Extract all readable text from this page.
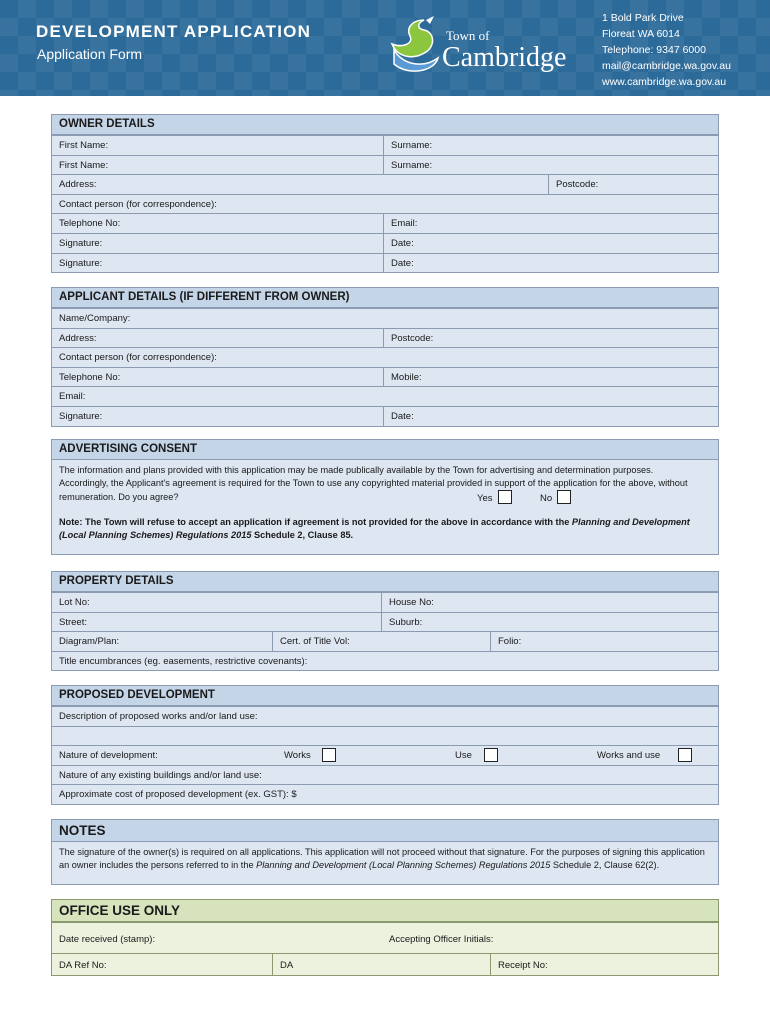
DEVELOPMENT APPLICATION
Application Form
Town of
Cambridge
1 Bold Park Drive
Floreat WA 6014
Telephone: 9347 6000
mail@cambridge.wa.gov.au
www.cambridge.wa.gov.au
OWNER DETAILS
First Name:	Surname:
First Name:	Surname:
Address:	Postcode:
Contact person (for correspondence):
Telephone No:	Email:
Signature:	Date:
Signature:	Date:
APPLICANT DETAILS (IF DIFFERENT FROM OWNER)
Name/Company:
Address:	Postcode:
Contact person (for correspondence):
Telephone No:	Mobile:
Email:
Signature:	Date:
ADVERTISING CONSENT
The information and plans provided with this application may be made publically available by the Town for advertising and determination purposes. Accordingly, the Applicant's agreement is required for the Town to use any copyrighted material provided in support of the application for the above, without remuneration. Do you agree?	Yes	No
Note: The Town will refuse to accept an application if agreement is not provided for the above in accordance with the Planning and Development (Local Planning Schemes) Regulations 2015 Schedule 2, Clause 85.
PROPERTY DETAILS
Lot No:	House No:
Street:	Suburb:
Diagram/Plan:	Cert. of Title Vol:	Folio:
Title encumbrances (eg. easements, restrictive covenants):
PROPOSED DEVELOPMENT
Description of proposed works and/or land use:
Nature of development:	Works	Use	Works and use
Nature of any existing buildings and/or land use:
Approximate cost of proposed development (ex. GST): $
NOTES
The signature of the owner(s) is required on all applications. This application will not proceed without that signature. For the purposes of signing this application an owner includes the persons referred to in the Planning and Development (Local Planning Schemes) Regulations 2015 Schedule 2, Clause 62(2).
OFFICE USE ONLY
Date received (stamp):	Accepting Officer Initials:
DA Ref No:	DA	Receipt No:
